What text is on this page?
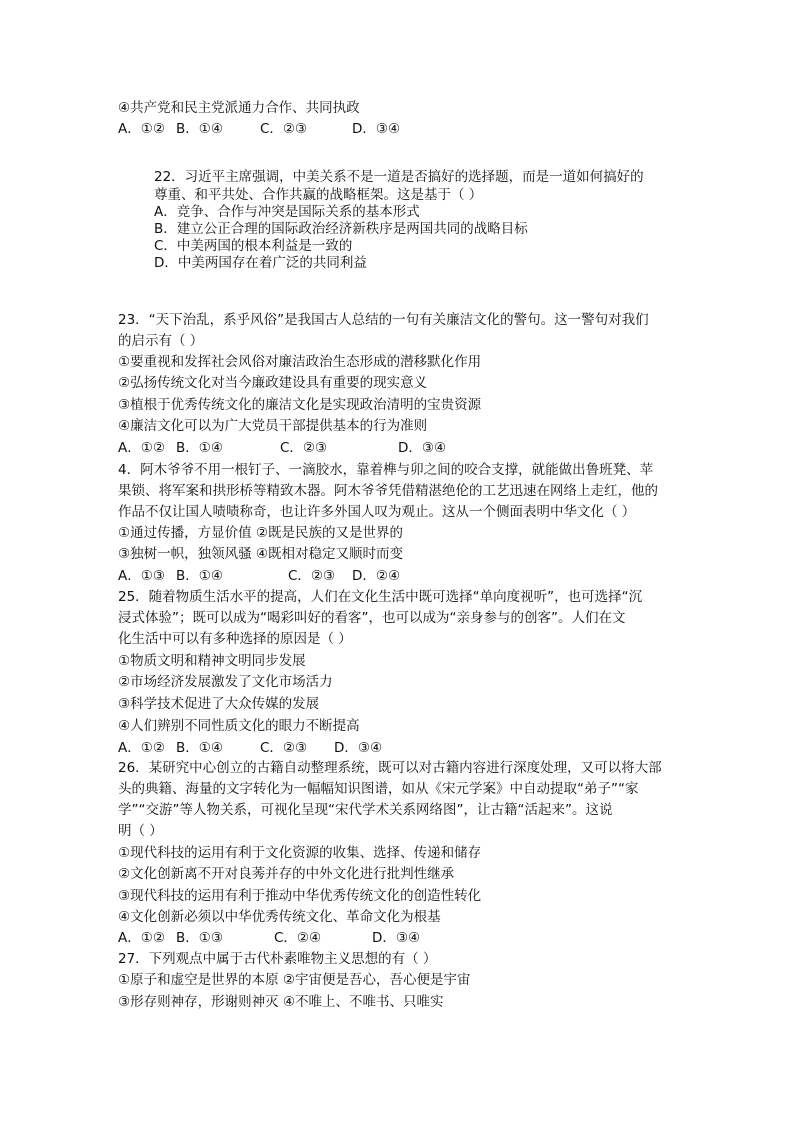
④共产党和民主党派通力合作、共同执政
A．①② B．①④	C．②③	D．③④
22．习近平主席强调，中美关系不是一道是否搞好的选择题，而是一道如何搞好的
尊重、和平共处、合作共赢的战略框架。这是基于（ ）
A．竞争、合作与冲突是国际关系的基本形式
B．建立公正合理的国际政治经济新秩序是两国共同的战略目标
C．中美两国的根本利益是一致的
D．中美两国存在着广泛的共同利益
23．“天下治乱，系乎风俗”是我国古人总结的一句有关廉洁文化的警句。这一警句对我们
的启示有（ ）
①要重视和发挥社会风俗对廉洁政治生态形成的潜移默化作用
②弘扬传统文化对当今廉政建设具有重要的现实意义
③植根于优秀传统文化的廉洁文化是实现政治清明的宝贵资源
④廉洁文化可以为广大党员干部提供基本的行为准则
A．①② B．①④	C．②③	D．③④
4．阿木爷爷不用一根钉子、一滴胶水，靠着榫与卯之间的咬合支撑，就能做出鲁班凳、苹
果锁、将军案和拱形桥等精致木器。阿木爷爷凭借精湛绝伦的工艺迅速在网络上走红，他的
作品不仅让国人啧啧称奇，也让许多外国人叹为观止。这从一个侧面表明中华文化（ ）
①通过传播，方显价值 ②既是民族的又是世界的
③独树一帜，独领风骚 ④既相对稳定又顺时而变
A．①③ B．①④	C．②③ D．②④
25．随着物质生活水平的提高，人们在文化生活中既可选择“单向度视听”，也可选择“沉
浸式体验”；既可以成为“喝彩叫好的看客”，也可以成为“亲身参与的创客”。人们在文
化生活中可以有多种选择的原因是（ ）
①物质文明和精神文明同步发展
②市场经济发展激发了文化市场活力
③科学技术促进了大众传媒的发展
④人们辨别不同性质文化的眼力不断提高
A．①② B．①④	C．②③ D．③④
26．某研究中心创立的古籍自动整理系统，既可以对古籍内容进行深度处理，又可以将大部
头的典籍、海量的文字转化为一幅幅知识图谱，如从《宋元学案》中自动提取“弟子”“家
学”“交游”等人物关系，可视化呈现“宋代学术关系网络图”，让古籍“活起来”。这说
明（ ）
①现代科技的运用有利于文化资源的收集、选择、传递和储存
②文化创新离不开对良莠并存的中外文化进行批判性继承
③现代科技的运用有利于推动中华优秀传统文化的创造性转化
④文化创新必须以中华优秀传统文化、革命文化为根基
A．①② B．①③	C．②④	D．③④
27．下列观点中属于古代朴素唯物主义思想的有（ ）
①原子和虚空是世界的本原 ②宇宙便是吾心，吾心便是宇宙
③形存则神存，形谢则神灭 ④不唯上、不唯书、只唯实
